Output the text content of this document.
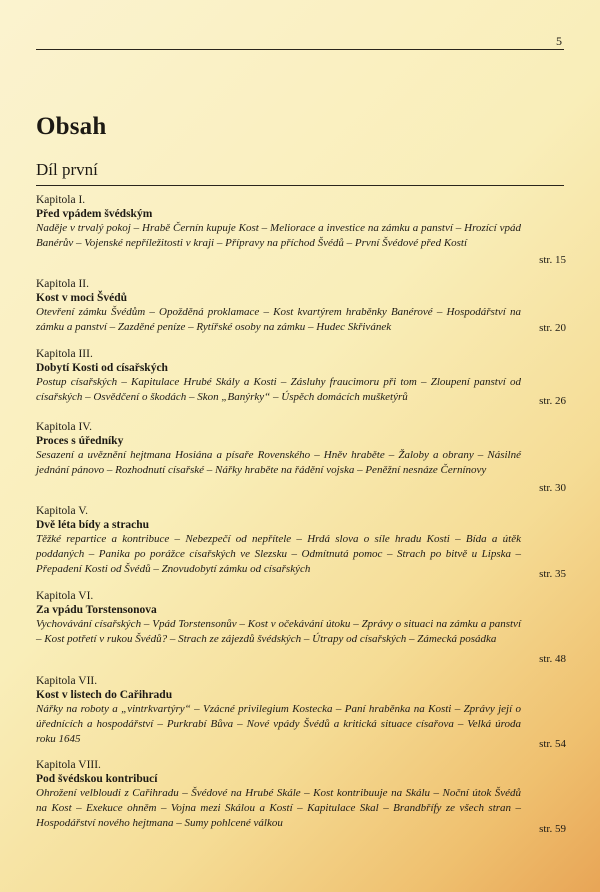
5
Obsah
Díl první
Kapitola I.
Před vpádem švédským
Naděje v trvalý pokoj – Hrabě Černín kupuje Kost – Meliorace a investice na zámku a panství – Hrozící vpád Banérův – Vojenské nepříležitosti v kraji – Přípravy na příchod Švédů – První Švédové před Kostí
str. 15
Kapitola II.
Kost v moci Švédů
Otevření zámku Švédům – Opožděná proklamace – Kost kvartýrem hraběnky Banérové – Hospodářství na zámku a panství – Zazděné peníze – Rytířské osoby na zámku – Hudec Skřivánek	str. 20
Kapitola III.
Dobytí Kosti od císařských
Postup císařských – Kapitulace Hrubé Skály a Kosti – Zásluhy fraucimoru při tom – Zloupení panství od císařských – Osvědčení o škodách – Skon „Banýrky“ – Úspěch domácích mušketýrů	str. 26
Kapitola IV.
Proces s úředníky
Sesazení a uvěznění hejtmana Hosiána a písaře Rovenského – Hněv hraběte – Žaloby a obrany – Násilné jednání pánovo – Rozhodnutí císařské – Nářky hraběte na řádění vojska – Peněžní nesnáze Černínovy
str. 30
Kapitola V.
Dvě léta bídy a strachu
Těžké repartice a kontribuce – Nebezpečí od nepřítele – Hrdá slova o síle hradu Kosti – Bída a útěk poddaných – Panika po porážce císařských ve Slezsku – Odmítnutá pomoc – Strach po bitvě u Lipska – Přepadení Kosti od Švédů – Znovudobytí zámku od císařských	str. 35
Kapitola VI.
Za vpádu Torstensonova
Vychovávání císařských – Vpád Torstensonův – Kost v očekávání útoku – Zprávy o situaci na zámku a panství – Kost potřetí v rukou Švédů? – Strach ze zájezdů švédských – Útrapy od císařských – Zámecká posádka
str. 48
Kapitola VII.
Kost v listech do Cařihradu
Nářky na roboty a „vintrkvartýry“ – Vzácné privilegium Kostecka – Paní hraběnka na Kosti – Zprávy její o úřednících a hospodářství – Purkrabí Bůva – Nové vpády Švédů a kritická situace císařova – Velká úroda roku 1645	str. 54
Kapitola VIII.
Pod švédskou kontribucí
Ohrožení velbloudi z Cařihradu – Švédové na Hrubé Skále – Kost kontribuuje na Skálu – Noční útok Švédů na Kost – Exekuce ohněm – Vojna mezi Skálou a Kostí – Kapitulace Skal – Brandbřífy ze všech stran – Hospodářství nového hejtmana – Sumy pohlcené válkou	str. 59
